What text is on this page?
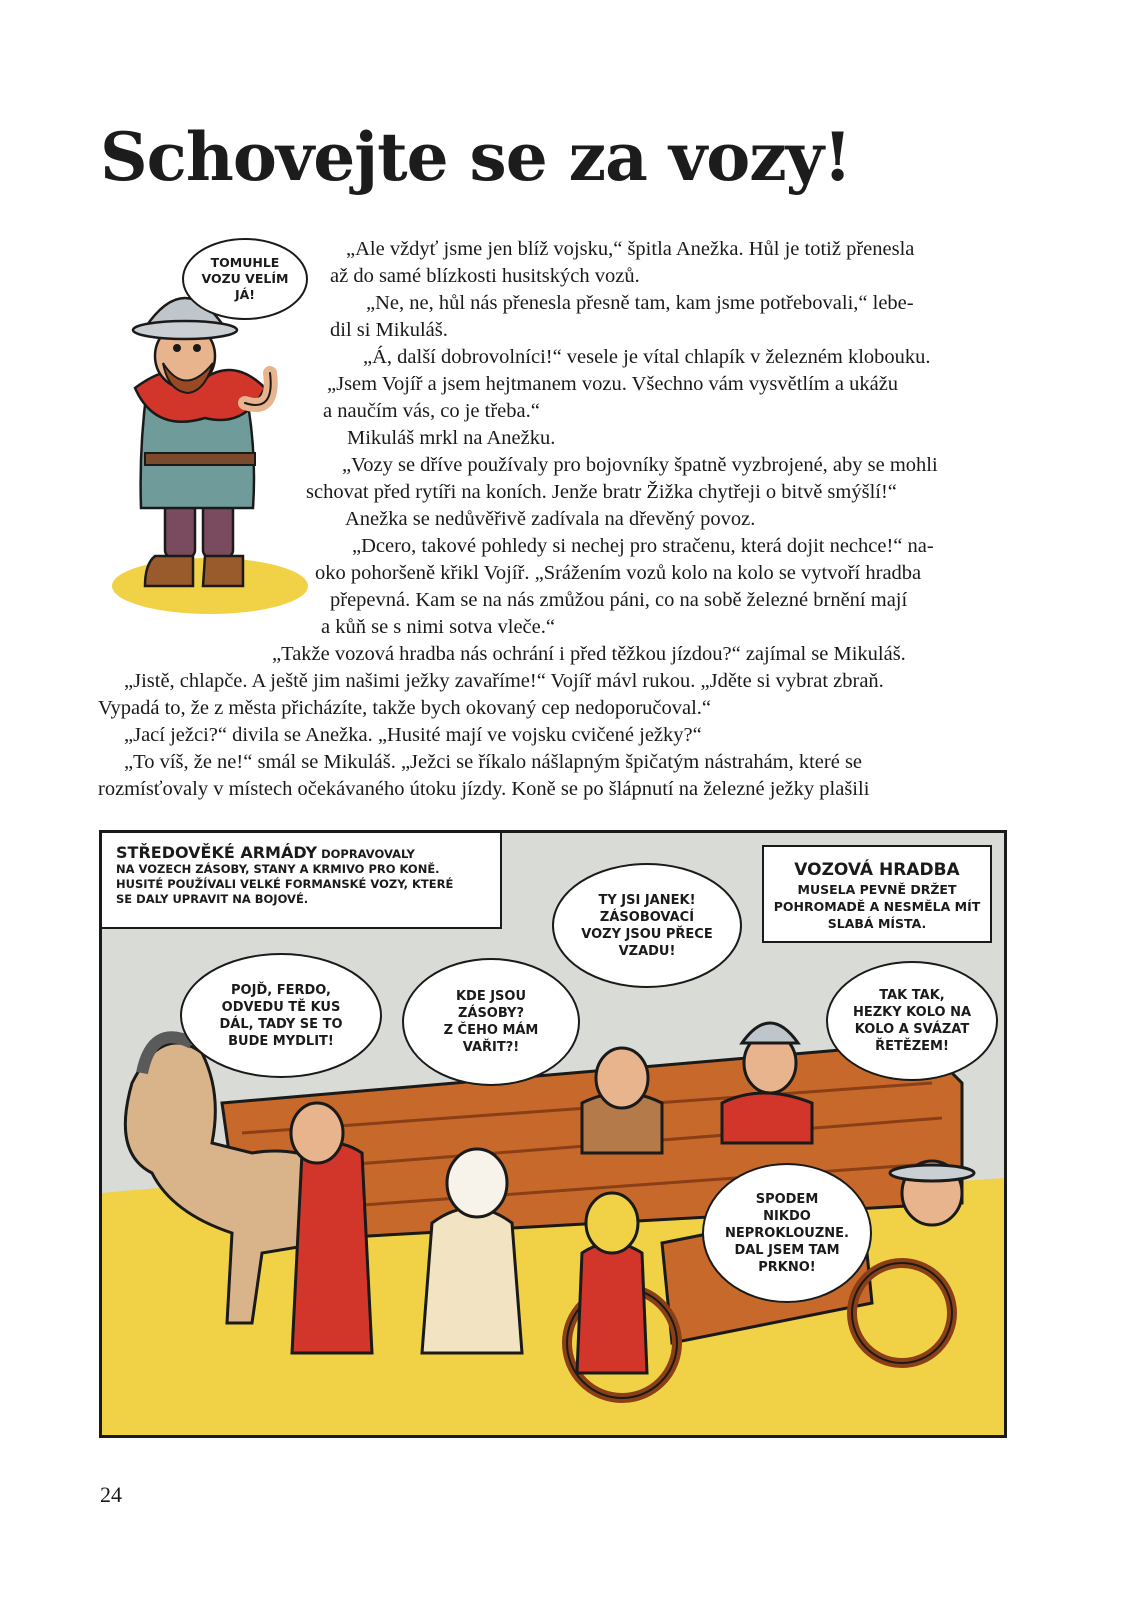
Schovejte se za vozy!
TOMUHLE
VOZU VELÍM
JÁ!
„Ale vždyť jsme jen blíž vojsku,“ špitla Anežka. Hůl je totiž přenesla
až do samé blízkosti husitských vozů.
„Ne, ne, hůl nás přenesla přesně tam, kam jsme potřebovali,“ lebe-
dil si Mikuláš.
„Á, další dobrovolníci!“ vesele je vítal chlapík v železném klobouku.
„Jsem Vojíř a jsem hejtmanem vozu. Všechno vám vysvětlím a ukážu
a naučím vás, co je třeba.“
Mikuláš mrkl na Anežku.
„Vozy se dříve používaly pro bojovníky špatně vyzbrojené, aby se mohli
schovat před rytíři na koních. Jenže bratr Žižka chytřeji o bitvě smýšlí!“
Anežka se nedůvěřivě zadívala na dřevěný povoz.
„Dcero, takové pohledy si nechej pro stračenu, která dojit nechce!“ na-
oko pohoršeně křikl Vojíř. „Srážením vozů kolo na kolo se vytvoří hradba
přepevná. Kam se na nás zmůžou páni, co na sobě železné brnění mají
a kůň se s nimi sotva vleče.“
„Takže vozová hradba nás ochrání i před těžkou jízdou?“ zajímal se Mikuláš.
„Jistě, chlapče. A ještě jim našimi ježky zavaříme!“ Vojíř mávl rukou. „Jděte si vybrat zbraň.
Vypadá to, že z města přicházíte, takže bych okovaný cep nedoporučoval.“
„Jací ježci?“ divila se Anežka. „Husité mají ve vojsku cvičené ježky?“
„To víš, že ne!“ smál se Mikuláš. „Ježci se říkalo nášlapným špičatým nástrahám, které se
rozmísťovaly v místech očekávaného útoku jízdy. Koně se po šlápnutí na železné ježky plašili
STŘEDOVĚKÉ ARMÁDY DOPRAVOVALY
NA VOZECH ZÁSOBY, STANY A KRMIVO PRO KONĚ.
HUSITÉ POUŽÍVALI VELKÉ FORMANSKÉ VOZY, KTERÉ
SE DALY UPRAVIT NA BOJOVÉ.
VOZOVÁ HRADBA
MUSELA PEVNĚ DRŽET
POHROMADĚ A NESMĚLA MÍT
SLABÁ MÍSTA.
TY JSI JANEK!
ZÁSOBOVACÍ
VOZY JSOU PŘECE
VZADU!
POJĎ, FERDO,
ODVEDU TĚ KUS
DÁL, TADY SE TO
BUDE MYDLIT!
KDE JSOU
ZÁSOBY?
Z ČEHO MÁM
VAŘIT?!
TAK TAK,
HEZKY KOLO NA
KOLO A SVÁZAT
ŘETĚZEM!
SPODEM
NIKDO
NEPROKLOUZNE.
DAL JSEM TAM
PRKNO!
24
